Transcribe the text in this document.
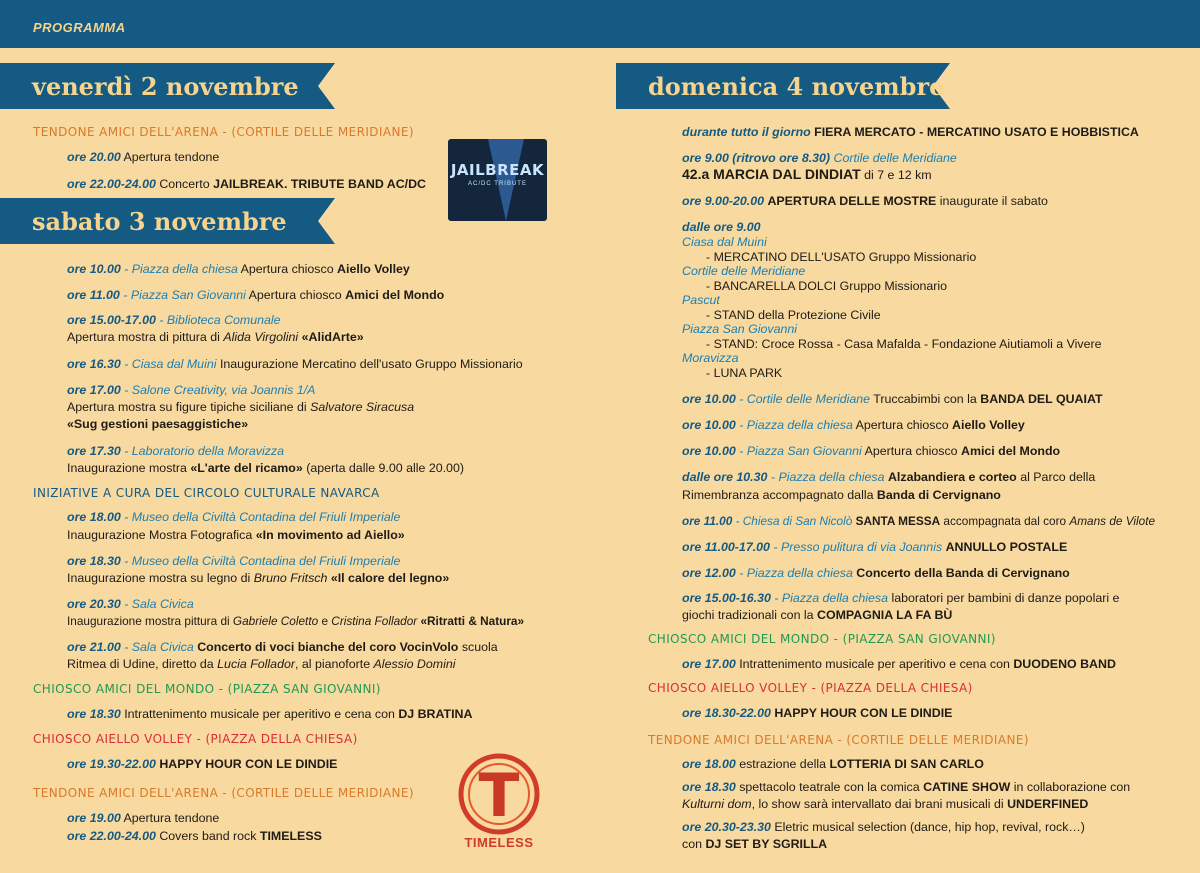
PROGRAMMA
venerdì 2 novembre
sabato 3 novembre
domenica 4 novembre
JAILBREAK
AC/DC TRIBUTE
T
TIMELESS
TENDONE AMICI DELL'ARENA - (CORTILE DELLE MERIDIANE)
ore 20.00 Apertura tendone
ore 22.00-24.00 Concerto JAILBREAK. TRIBUTE BAND AC/DC
ore 10.00 - Piazza della chiesa Apertura chiosco Aiello Volley
ore 11.00 - Piazza San Giovanni Apertura chiosco Amici del Mondo
ore 15.00-17.00 - Biblioteca Comunale
Apertura mostra di pittura di Alida Virgolini «AlidArte»
ore 16.30 - Ciasa dal Muini Inaugurazione Mercatino dell'usato Gruppo Missionario
ore 17.00 - Salone Creativity, via Joannis 1/A
Apertura mostra su figure tipiche siciliane di Salvatore Siracusa
«Sug gestioni paesaggistiche»
ore 17.30 - Laboratorio della Moravizza
Inaugurazione mostra «L'arte del ricamo» (aperta dalle 9.00 alle 20.00)
INIZIATIVE A CURA DEL CIRCOLO CULTURALE NAVARCA
ore 18.00 - Museo della Civiltà Contadina del Friuli Imperiale
Inaugurazione Mostra Fotografica «In movimento ad Aiello»
ore 18.30 - Museo della Civiltà Contadina del Friuli Imperiale
Inaugurazione mostra su legno di Bruno Fritsch «Il calore del legno»
ore 20.30 - Sala Civica
Inaugurazione mostra pittura di Gabriele Coletto e Cristina Follador «Ritratti & Natura»
ore 21.00 - Sala Civica Concerto di voci bianche del coro VocinVolo scuola
Ritmea di Udine, diretto da Lucia Follador, al pianoforte Alessio Domini
CHIOSCO AMICI DEL MONDO - (PIAZZA SAN GIOVANNI)
ore 18.30 Intrattenimento musicale per aperitivo e cena con DJ BRATINA
CHIOSCO AIELLO VOLLEY - (PIAZZA DELLA CHIESA)
ore 19.30-22.00 HAPPY HOUR CON LE DINDIE
TENDONE AMICI DELL'ARENA - (CORTILE DELLE MERIDIANE)
ore 19.00 Apertura tendone
ore 22.00-24.00 Covers band rock TIMELESS
durante tutto il giorno FIERA MERCATO - MERCATINO USATO E HOBBISTICA
ore 9.00 (ritrovo ore 8.30) Cortile delle Meridiane
42.a MARCIA DAL DINDIAT di 7 e 12 km
ore 9.00-20.00 APERTURA DELLE MOSTRE inaugurate il sabato
dalle ore 9.00
Ciasa dal Muini
- MERCATINO DELL'USATO Gruppo Missionario
Cortile delle Meridiane
- BANCARELLA DOLCI Gruppo Missionario
Pascut
- STAND della Protezione Civile
Piazza San Giovanni
- STAND: Croce Rossa - Casa Mafalda - Fondazione Aiutiamoli a Vivere
Moravizza
- LUNA PARK
ore 10.00 - Cortile delle Meridiane Truccabimbi con la BANDA DEL QUAIAT
ore 10.00 - Piazza della chiesa Apertura chiosco Aiello Volley
ore 10.00 - Piazza San Giovanni Apertura chiosco Amici del Mondo
dalle ore 10.30 - Piazza della chiesa Alzabandiera e corteo al Parco della
Rimembranza accompagnato dalla Banda di Cervignano
ore 11.00 - Chiesa di San Nicolò SANTA MESSA accompagnata dal coro Amans de Vilote
ore 11.00-17.00 - Presso pulitura di via Joannis ANNULLO POSTALE
ore 12.00 - Piazza della chiesa Concerto della Banda di Cervignano
ore 15.00-16.30 - Piazza della chiesa laboratori per bambini di danze popolari e
giochi tradizionali con la COMPAGNIA LA FA BÙ
CHIOSCO AMICI DEL MONDO - (PIAZZA SAN GIOVANNI)
ore 17.00 Intrattenimento musicale per aperitivo e cena con DUODENO BAND
CHIOSCO AIELLO VOLLEY - (PIAZZA DELLA CHIESA)
ore 18.30-22.00 HAPPY HOUR CON LE DINDIE
TENDONE AMICI DELL'ARENA - (CORTILE DELLE MERIDIANE)
ore 18.00 estrazione della LOTTERIA DI SAN CARLO
ore 18.30 spettacolo teatrale con la comica CATINE SHOW in collaborazione con
Kulturni dom, lo show sarà intervallato dai brani musicali di UNDERFINED
ore 20.30-23.30 Eletric musical selection (dance, hip hop, revival, rock…)
con DJ SET BY SGRILLA
